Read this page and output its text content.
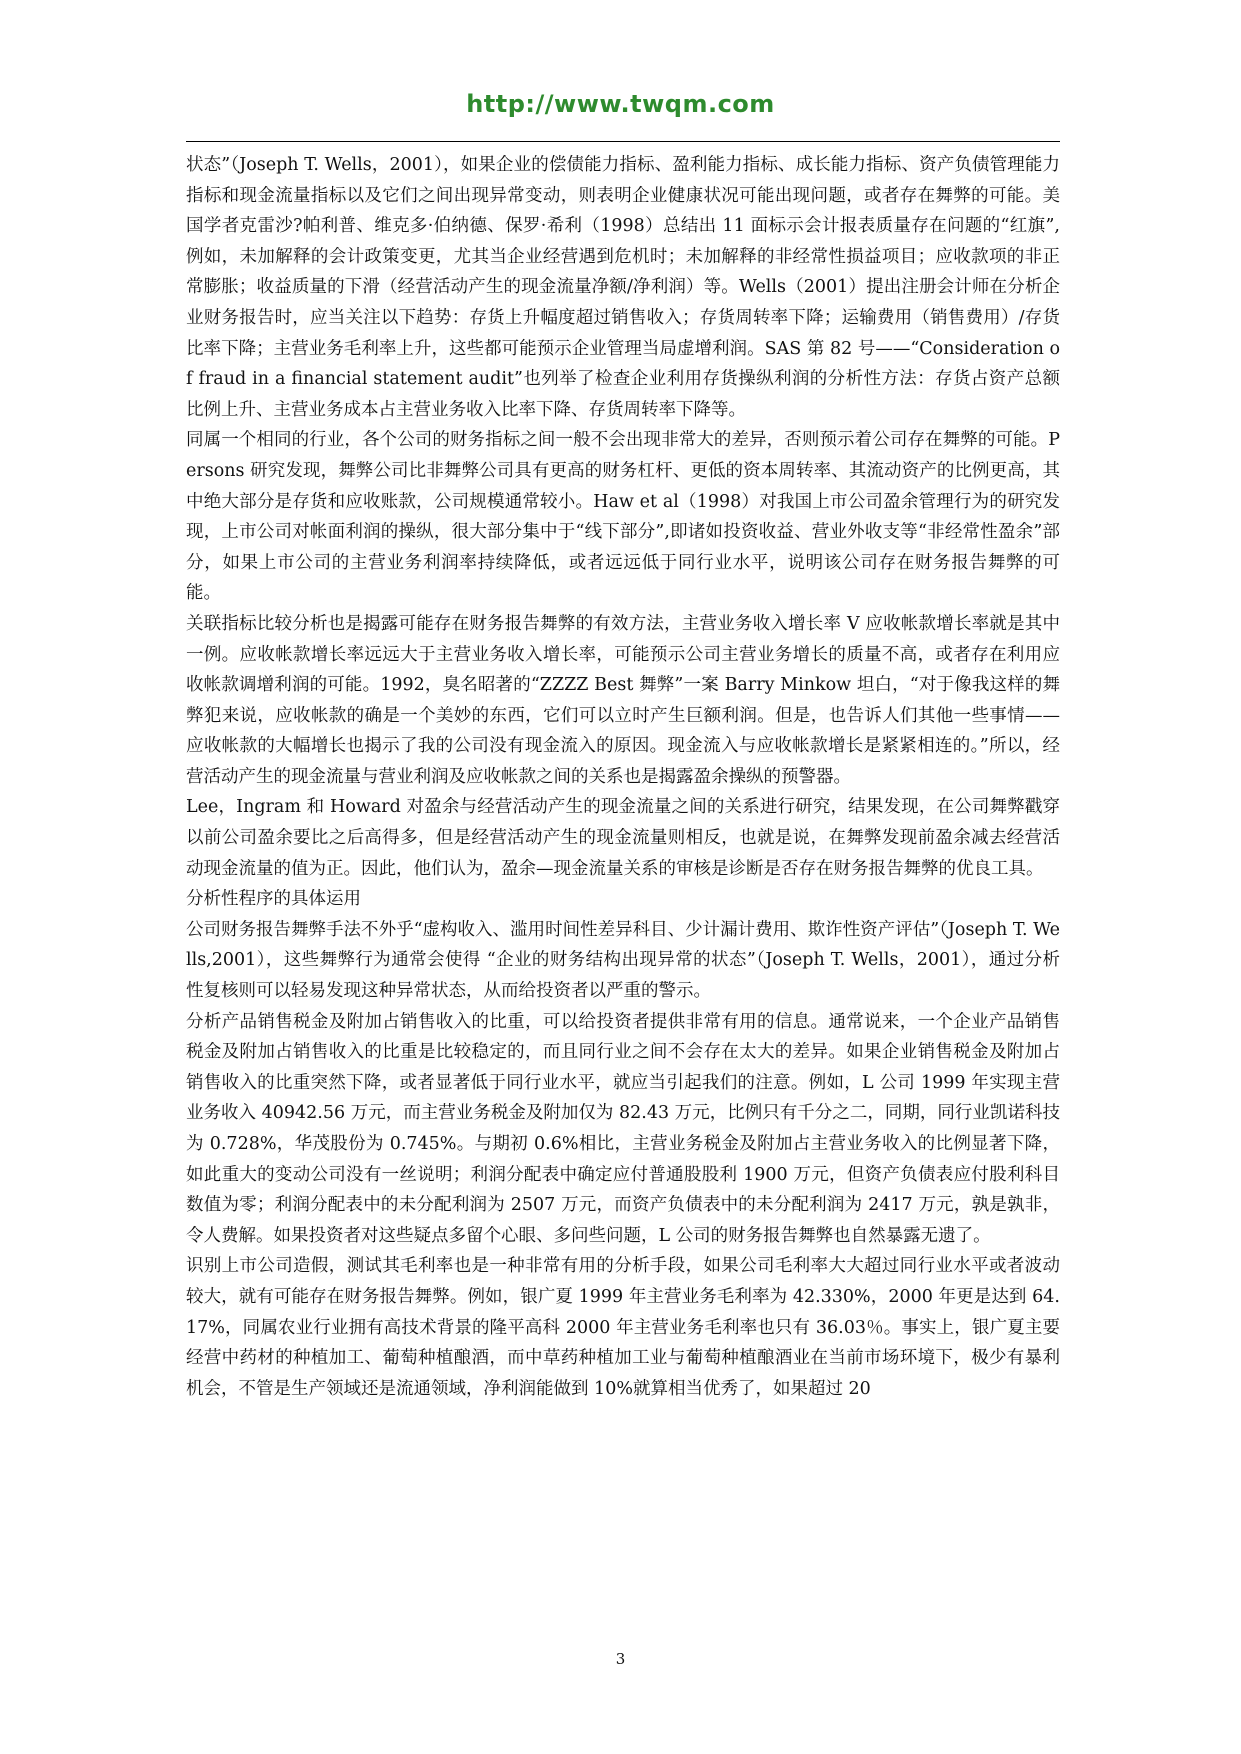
http://www.twqm.com

状态”（Joseph T. Wells，2001），如果企业的偿债能力指标、盈利能力指标、成长能力指标、资产负债管理能力指标和现金流量指标以及它们之间出现异常变动，则表明企业健康状况可能出现问题，或者存在舞弊的可能。美国学者克雷沙?帕利普、维克多·伯纳德、保罗·希利（1998）总结出 11 面标示会计报表质量存在问题的“红旗”,例如，未加解释的会计政策变更，尤其当企业经营遇到危机时；未加解释的非经常性损益项目；应收款项的非正常膨胀；收益质量的下滑（经营活动产生的现金流量净额/净利润）等。Wells（2001）提出注册会计师在分析企业财务报告时，应当关注以下趋势：存货上升幅度超过销售收入；存货周转率下降；运输费用（销售费用）/存货比率下降；主营业务毛利率上升，这些都可能预示企业管理当局虚增利润。SAS 第 82 号——“Consideration of fraud in a financial statement audit”也列举了检查企业利用存货操纵利润的分析性方法：存货占资产总额比例上升、主营业务成本占主营业务收入比率下降、存货周转率下降等。

同属一个相同的行业，各个公司的财务指标之间一般不会出现非常大的差异，否则预示着公司存在舞弊的可能。Persons 研究发现，舞弊公司比非舞弊公司具有更高的财务杠杆、更低的资本周转率、其流动资产的比例更高，其中绝大部分是存货和应收账款，公司规模通常较小。Haw et al（1998）对我国上市公司盈余管理行为的研究发现，上市公司对帐面利润的操纵，很大部分集中于“线下部分”,即诸如投资收益、营业外收支等“非经常性盈余”部分，如果上市公司的主营业务利润率持续降低，或者远远低于同行业水平，说明该公司存在财务报告舞弊的可能。

关联指标比较分析也是揭露可能存在财务报告舞弊的有效方法，主营业务收入增长率 V 应收帐款增长率就是其中一例。应收帐款增长率远远大于主营业务收入增长率，可能预示公司主营业务增长的质量不高，或者存在利用应收帐款调增利润的可能。1992，臭名昭著的“ZZZZ Best 舞弊”一案 Barry Minkow 坦白，“对于像我这样的舞弊犯来说，应收帐款的确是一个美妙的东西，它们可以立时产生巨额利润。但是，也告诉人们其他一些事情——应收帐款的大幅增长也揭示了我的公司没有现金流入的原因。现金流入与应收帐款增长是紧紧相连的。”所以，经营活动产生的现金流量与营业利润及应收帐款之间的关系也是揭露盈余操纵的预警器。

Lee，Ingram 和 Howard 对盈余与经营活动产生的现金流量之间的关系进行研究，结果发现，在公司舞弊戳穿以前公司盈余要比之后高得多，但是经营活动产生的现金流量则相反，也就是说，在舞弊发现前盈余减去经营活动现金流量的值为正。因此，他们认为，盈余—现金流量关系的审核是诊断是否存在财务报告舞弊的优良工具。

分析性程序的具体运用

公司财务报告舞弊手法不外乎“虚构收入、滥用时间性差异科目、少计漏计费用、欺诈性资产评估”（Joseph T. Wells,2001），这些舞弊行为通常会使得 “企业的财务结构出现异常的状态”（Joseph T. Wells，2001），通过分析性复核则可以轻易发现这种异常状态，从而给投资者以严重的警示。

分析产品销售税金及附加占销售收入的比重，可以给投资者提供非常有用的信息。通常说来，一个企业产品销售税金及附加占销售收入的比重是比较稳定的，而且同行业之间不会存在太大的差异。如果企业销售税金及附加占销售收入的比重突然下降，或者显著低于同行业水平，就应当引起我们的注意。例如，L 公司 1999 年实现主营业务收入 40942.56 万元，而主营业务税金及附加仅为 82.43 万元，比例只有千分之二，同期，同行业凯诺科技为 0.728%，华茂股份为 0.745%。与期初 0.6%相比，主营业务税金及附加占主营业务收入的比例显著下降，如此重大的变动公司没有一丝说明；利润分配表中确定应付普通股股利 1900 万元，但资产负债表应付股利科目数值为零；利润分配表中的未分配利润为 2507 万元，而资产负债表中的未分配利润为 2417 万元，孰是孰非，令人费解。如果投资者对这些疑点多留个心眼、多问些问题，L 公司的财务报告舞弊也自然暴露无遗了。

识别上市公司造假，测试其毛利率也是一种非常有用的分析手段，如果公司毛利率大大超过同行业水平或者波动较大，就有可能存在财务报告舞弊。例如，银广夏 1999 年主营业务毛利率为 42.330%，2000 年更是达到 64.17%，同属农业行业拥有高技术背景的隆平高科 2000 年主营业务毛利率也只有 36.03％。事实上，银广夏主要经营中药材的种植加工、葡萄种植酿酒，而中草药种植加工业与葡萄种植酿酒业在当前市场环境下，极少有暴利机会，不管是生产领域还是流通领域，净利润能做到 10%就算相当优秀了，如果超过 20

3
